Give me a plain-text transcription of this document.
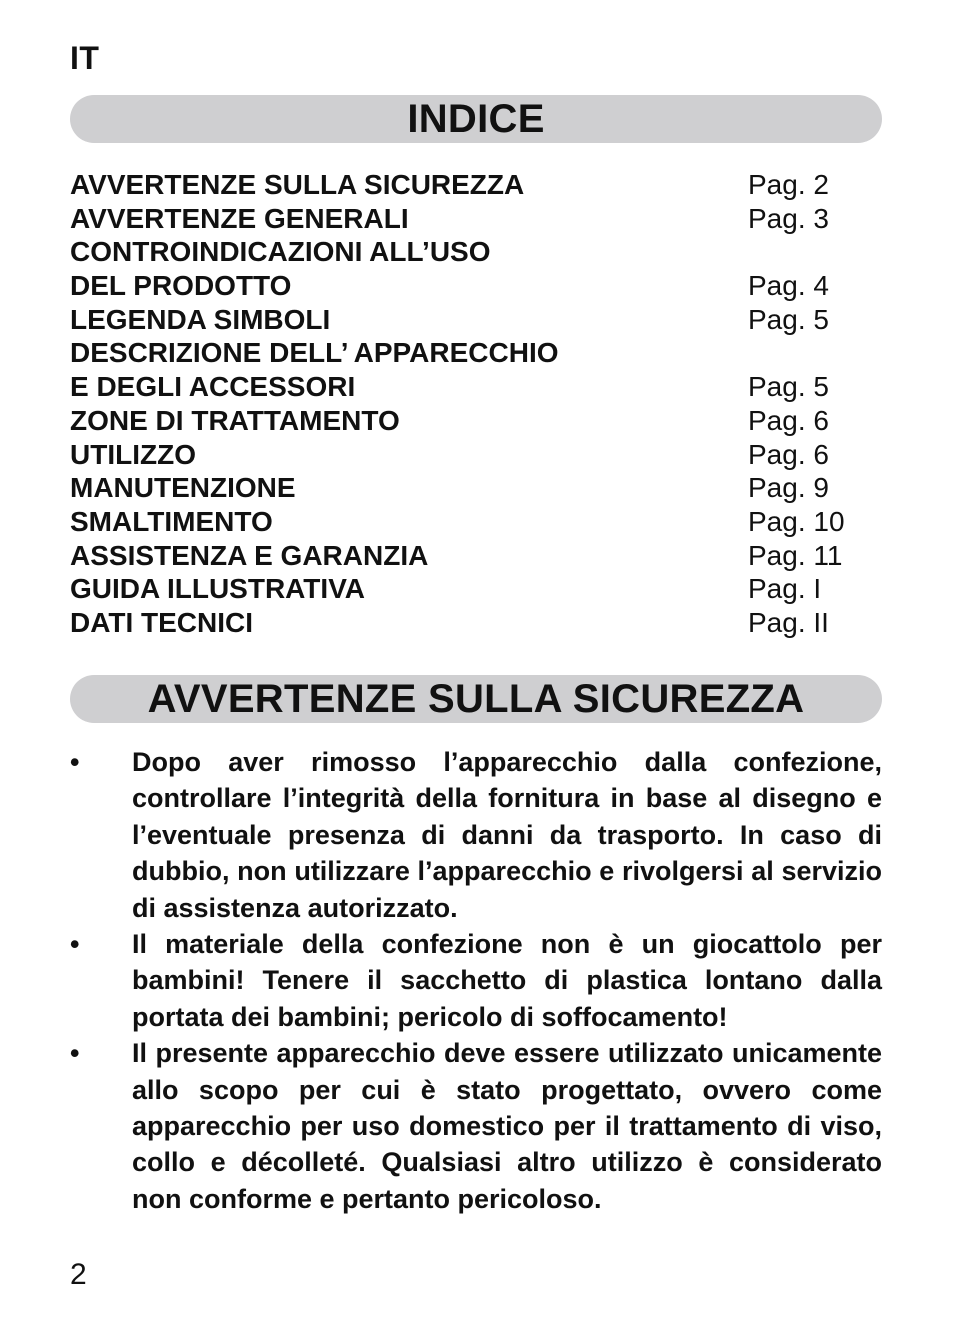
IT
INDICE
AVVERTENZE SULLA SICUREZZA	Pag. 2
AVVERTENZE GENERALI	Pag. 3
CONTROINDICAZIONI ALL’USO
DEL PRODOTTO	Pag. 4
LEGENDA SIMBOLI	Pag. 5
DESCRIZIONE DELL’ APPARECCHIO
E DEGLI ACCESSORI	Pag. 5
ZONE DI TRATTAMENTO	Pag. 6
UTILIZZO	Pag. 6
MANUTENZIONE	Pag. 9
SMALTIMENTO	Pag. 10
ASSISTENZA E GARANZIA	Pag. 11
GUIDA ILLUSTRATIVA	Pag. I
DATI TECNICI	Pag. II
AVVERTENZE SULLA SICUREZZA
• Dopo aver rimosso l’apparecchio dalla confezione, controllare l’integrità della fornitura in base al disegno e l’eventuale presenza di danni da trasporto. In caso di dubbio, non utilizzare l’apparecchio e rivolgersi al servizio di assistenza autorizzato.
• Il materiale della confezione non è un giocattolo per bambini! Tenere il sacchetto di plastica lontano dalla portata dei bambini; pericolo di soffocamento!
• Il presente apparecchio deve essere utilizzato unicamente allo scopo per cui è stato progettato, ovvero come apparecchio per uso domestico per il trattamento di viso, collo e décolleté. Qualsiasi altro utilizzo è considerato non conforme e pertanto pericoloso.
2
